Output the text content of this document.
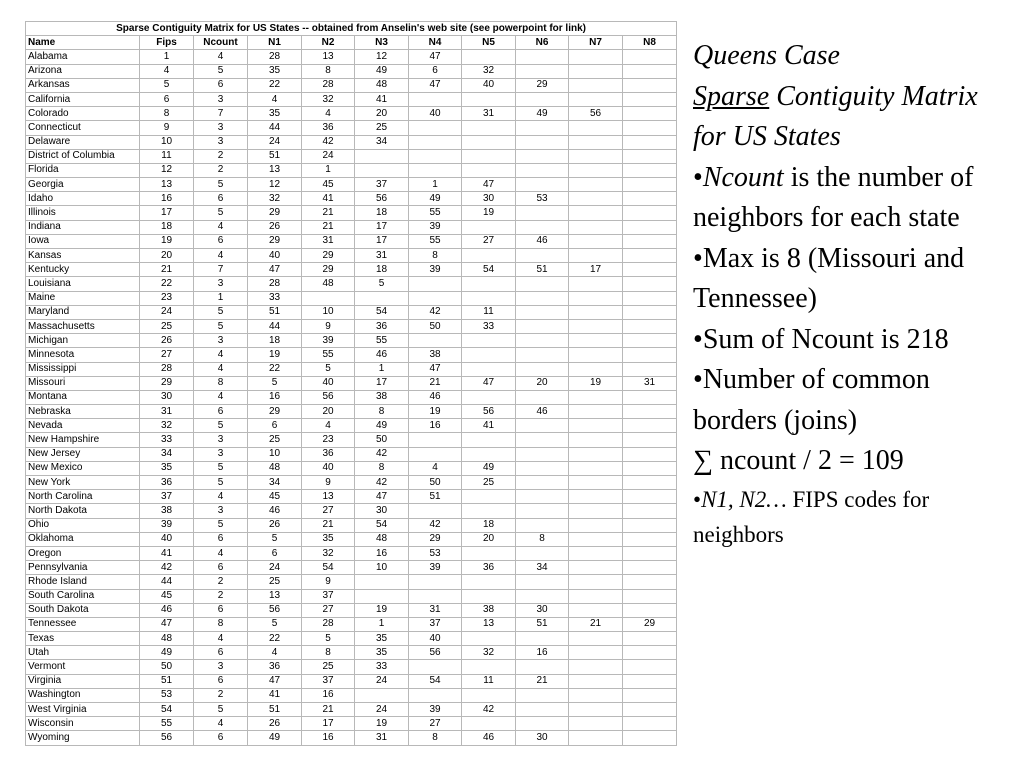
Sparse Contiguity Matrix for US States -- obtained from Anselin's web site (see powerpoint for link)										
Name	Fips	Ncount	N1	N2	N3	N4	N5	N6	N7	N8
Alabama	1	4	28	13	12	47				
Arizona	4	5	35	8	49	6	32			
Arkansas	5	6	22	28	48	47	40	29		
California	6	3	4	32	41					
Colorado	8	7	35	4	20	40	31	49	56	
Connecticut	9	3	44	36	25					
Delaware	10	3	24	42	34					
District of Columbia	11	2	51	24						
Florida	12	2	13	1						
Georgia	13	5	12	45	37	1	47			
Idaho	16	6	32	41	56	49	30	53		
Illinois	17	5	29	21	18	55	19			
Indiana	18	4	26	21	17	39				
Iowa	19	6	29	31	17	55	27	46		
Kansas	20	4	40	29	31	8				
Kentucky	21	7	47	29	18	39	54	51	17	
Louisiana	22	3	28	48	5					
Maine	23	1	33							
Maryland	24	5	51	10	54	42	11			
Massachusetts	25	5	44	9	36	50	33			
Michigan	26	3	18	39	55					
Minnesota	27	4	19	55	46	38				
Mississippi	28	4	22	5	1	47				
Missouri	29	8	5	40	17	21	47	20	19	31
Montana	30	4	16	56	38	46				
Nebraska	31	6	29	20	8	19	56	46		
Nevada	32	5	6	4	49	16	41			
New Hampshire	33	3	25	23	50					
New Jersey	34	3	10	36	42					
New Mexico	35	5	48	40	8	4	49			
New York	36	5	34	9	42	50	25			
North Carolina	37	4	45	13	47	51				
North Dakota	38	3	46	27	30					
Ohio	39	5	26	21	54	42	18			
Oklahoma	40	6	5	35	48	29	20	8		
Oregon	41	4	6	32	16	53				
Pennsylvania	42	6	24	54	10	39	36	34		
Rhode Island	44	2	25	9						
South Carolina	45	2	13	37						
South Dakota	46	6	56	27	19	31	38	30		
Tennessee	47	8	5	28	1	37	13	51	21	29
Texas	48	4	22	5	35	40				
Utah	49	6	4	8	35	56	32	16		
Vermont	50	3	36	25	33					
Virginia	51	6	47	37	24	54	11	21		
Washington	53	2	41	16						
West Virginia	54	5	51	21	24	39	42			
Wisconsin	55	4	26	17	19	27				
Wyoming	56	6	49	16	31	8	46	30		

Queens Case
Sparse Contiguity Matrix for US States

•Ncount is the number of neighbors for each state

•Max is 8 (Missouri and Tennessee)

•Sum of Ncount is 218

•Number of common borders (joins)
∑ ncount / 2 = 109

•N1, N2… FIPS codes for neighbors
